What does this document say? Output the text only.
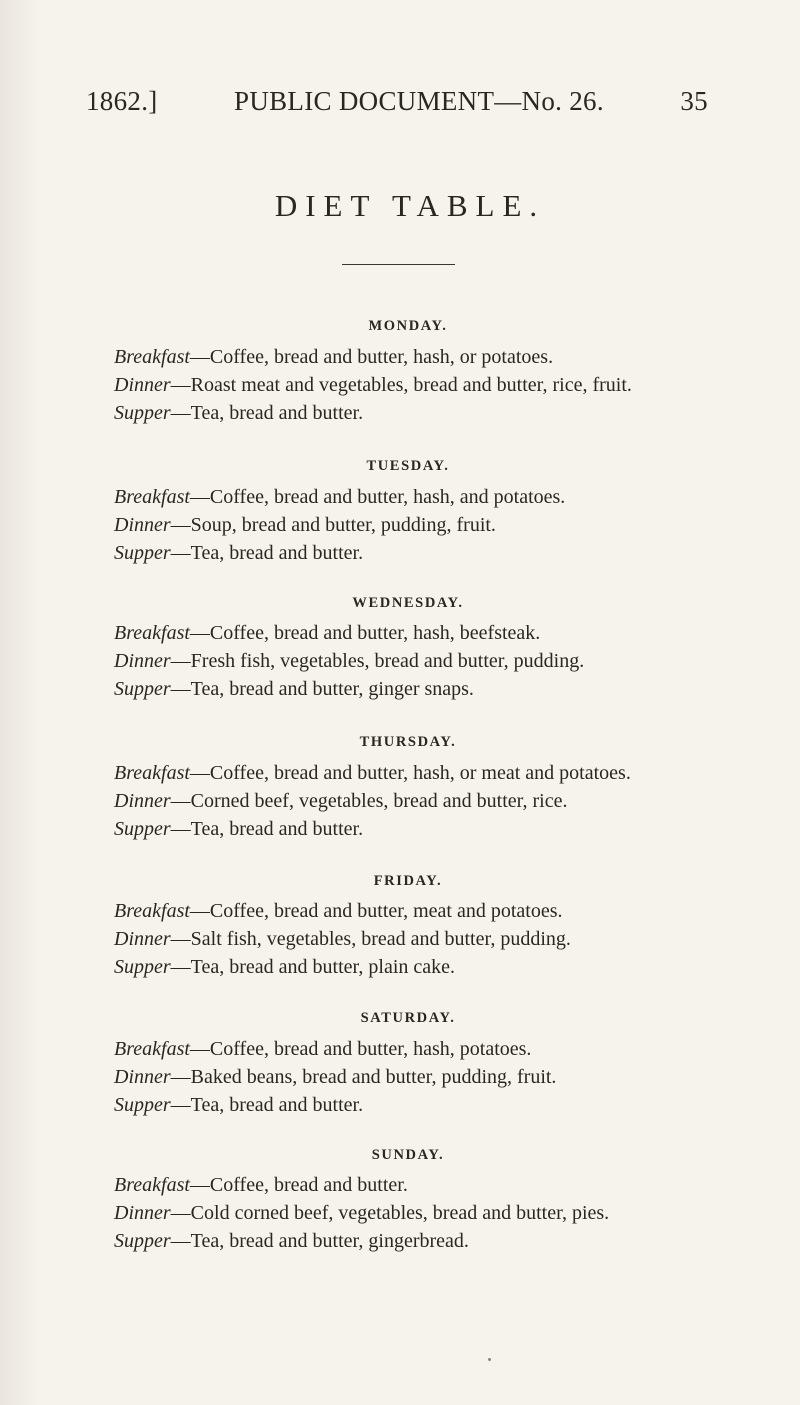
1862.]	PUBLIC DOCUMENT—No. 26.	35
DIET TABLE.
MONDAY.
Breakfast—Coffee, bread and butter, hash, or potatoes.
Dinner—Roast meat and vegetables, bread and butter, rice, fruit.
Supper—Tea, bread and butter.
TUESDAY.
Breakfast—Coffee, bread and butter, hash, and potatoes.
Dinner—Soup, bread and butter, pudding, fruit.
Supper—Tea, bread and butter.
WEDNESDAY.
Breakfast—Coffee, bread and butter, hash, beefsteak.
Dinner—Fresh fish, vegetables, bread and butter, pudding.
Supper—Tea, bread and butter, ginger snaps.
THURSDAY.
Breakfast—Coffee, bread and butter, hash, or meat and potatoes.
Dinner—Corned beef, vegetables, bread and butter, rice.
Supper—Tea, bread and butter.
FRIDAY.
Breakfast—Coffee, bread and butter, meat and potatoes.
Dinner—Salt fish, vegetables, bread and butter, pudding.
Supper—Tea, bread and butter, plain cake.
SATURDAY.
Breakfast—Coffee, bread and butter, hash, potatoes.
Dinner—Baked beans, bread and butter, pudding, fruit.
Supper—Tea, bread and butter.
SUNDAY.
Breakfast—Coffee, bread and butter.
Dinner—Cold corned beef, vegetables, bread and butter, pies.
Supper—Tea, bread and butter, gingerbread.
